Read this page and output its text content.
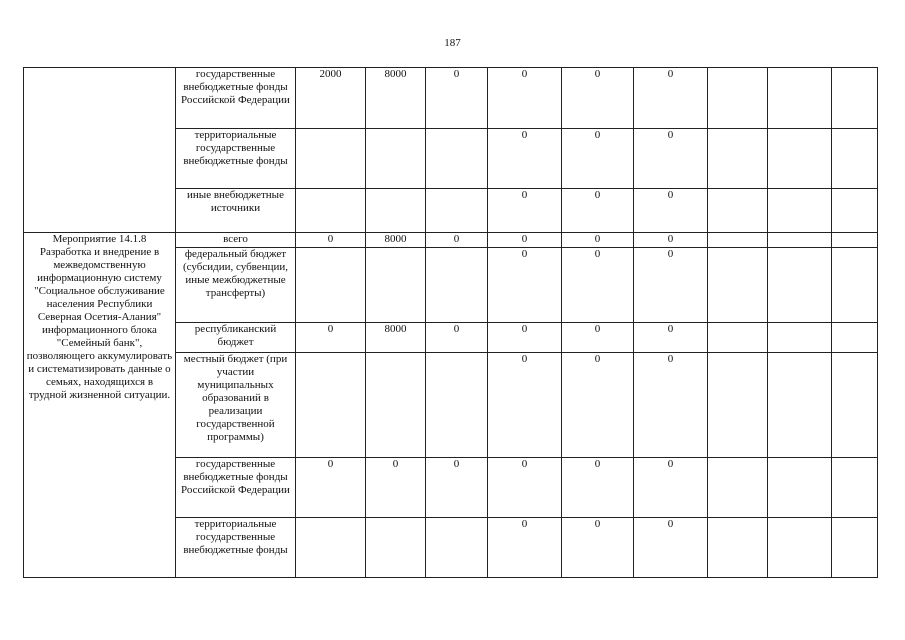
187
	государственные внебюджетные фонды Российской Федерации	2000	8000	0	0	0	0			
	территориальные государственные внебюджетные фонды				0	0	0			
	иные внебюджетные источники				0	0	0			
Мероприятие 14.1.8 Разработка и внедрение в межведомственную информационную систему "Социальное обслуживание населения Республики Северная Осетия-Алания" информационного блока "Семейный банк", позволяющего аккумулировать и систематизировать данные о семьях, находящихся в трудной жизненной ситуации.	всего	0	8000	0	0	0	0			
	федеральный бюджет (субсидии, субвенции, иные межбюджетные трансферты)				0	0	0			
	республиканский бюджет	0	8000	0	0	0	0			
	местный бюджет (при участии муниципальных образований в реализации государственной программы)				0	0	0			
	государственные внебюджетные фонды Российской Федерации	0	0	0	0	0	0			
	территориальные государственные внебюджетные фонды				0	0	0			
